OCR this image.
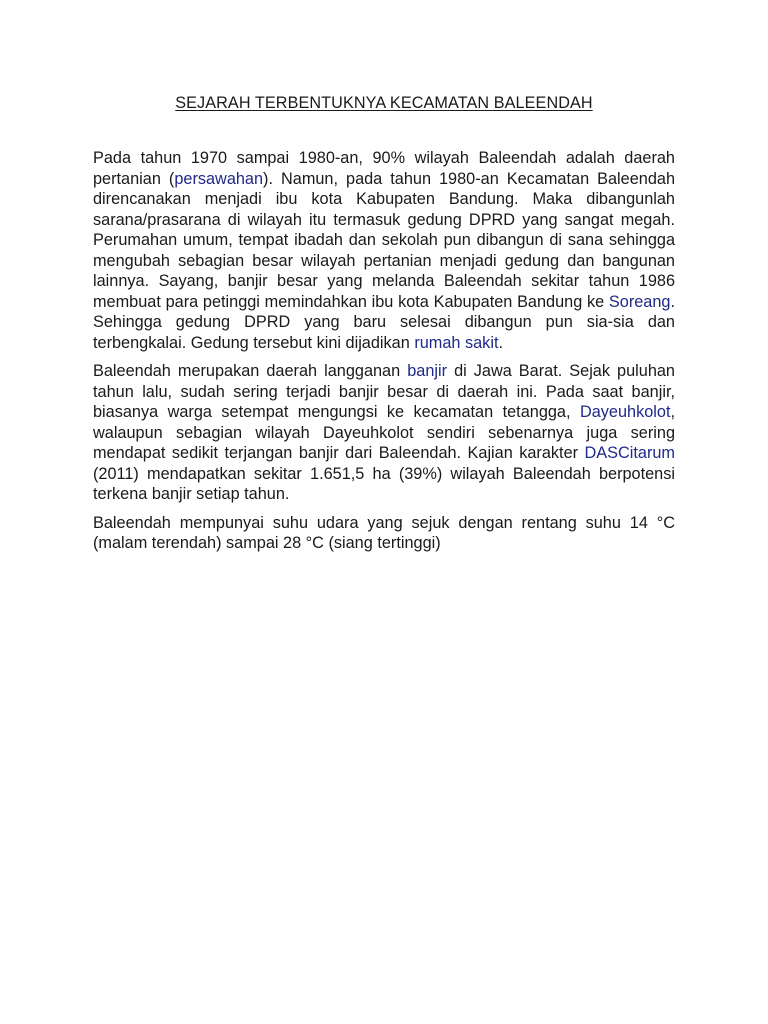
SEJARAH TERBENTUKNYA KECAMATAN BALEENDAH

Pada tahun 1970 sampai 1980-an, 90% wilayah Baleendah adalah daerah pertanian (persawahan). Namun, pada tahun 1980-an Kecamatan Baleendah direncanakan menjadi ibu kota Kabupaten Bandung. Maka dibangunlah sarana/prasarana di wilayah itu termasuk gedung DPRD yang sangat megah. Perumahan umum, tempat ibadah dan sekolah pun dibangun di sana sehingga mengubah sebagian besar wilayah pertanian menjadi gedung dan bangunan lainnya. Sayang, banjir besar yang melanda Baleendah sekitar tahun 1986 membuat para petinggi memindahkan ibu kota Kabupaten Bandung ke Soreang. Sehingga gedung DPRD yang baru selesai dibangun pun sia-sia dan terbengkalai. Gedung tersebut kini dijadikan rumah sakit.

Baleendah merupakan daerah langganan banjir di Jawa Barat. Sejak puluhan tahun lalu, sudah sering terjadi banjir besar di daerah ini. Pada saat banjir, biasanya warga setempat mengungsi ke kecamatan tetangga, Dayeuhkolot, walaupun sebagian wilayah Dayeuhkolot sendiri sebenarnya juga sering mendapat sedikit terjangan banjir dari Baleendah. Kajian karakter DASCitarum (2011) mendapatkan sekitar 1.651,5 ha (39%) wilayah Baleendah berpotensi terkena banjir setiap tahun.

Baleendah mempunyai suhu udara yang sejuk dengan rentang suhu 14 °C (malam terendah) sampai 28 °C (siang tertinggi)
